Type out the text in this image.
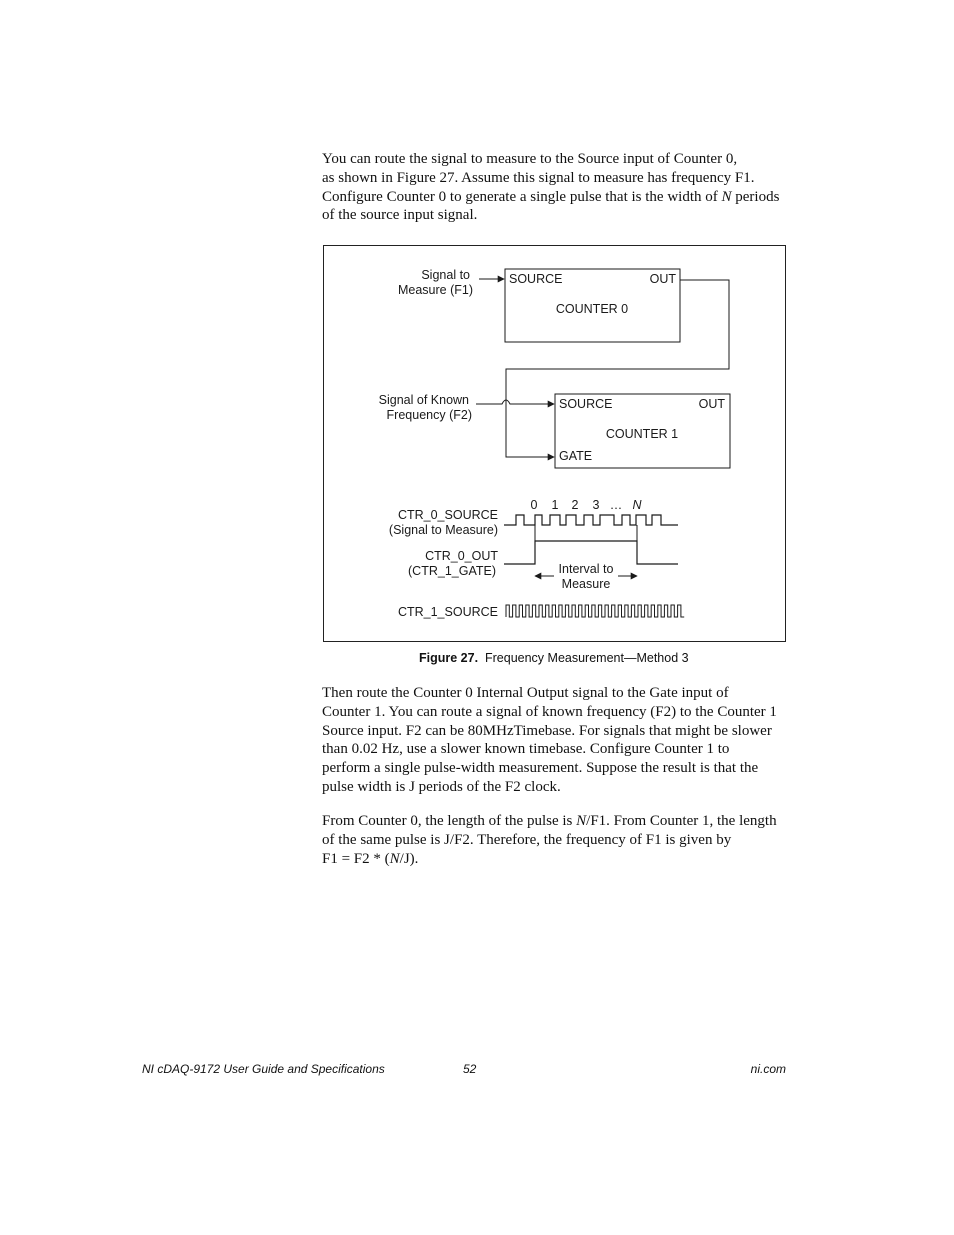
You can route the signal to measure to the Source input of Counter 0,
as shown in Figure 27. Assume this signal to measure has frequency F1.
Configure Counter 0 to generate a single pulse that is the width of N periods
of the source input signal.

SOURCE	OUT
COUNTER 0
SOURCE	OUT
COUNTER 1
GATE
Signal to
Measure (F1)
Signal of Known
Frequency (F2)
CTR_0_SOURCE
(Signal to Measure)
CTR_0_OUT
(CTR_1_GATE)
CTR_1_SOURCE
0 1 2 3 … N
Interval to
Measure
Figure 27. Frequency Measurement—Method 3

Then route the Counter 0 Internal Output signal to the Gate input of
Counter 1. You can route a signal of known frequency (F2) to the Counter 1
Source input. F2 can be 80MHzTimebase. For signals that might be slower
than 0.02 Hz, use a slower known timebase. Configure Counter 1 to
perform a single pulse-width measurement. Suppose the result is that the
pulse width is J periods of the F2 clock.

From Counter 0, the length of the pulse is N/F1. From Counter 1, the length
of the same pulse is J/F2. Therefore, the frequency of F1 is given by
F1 = F2 * (N/J).

NI cDAQ-9172 User Guide and Specifications	52	ni.com
